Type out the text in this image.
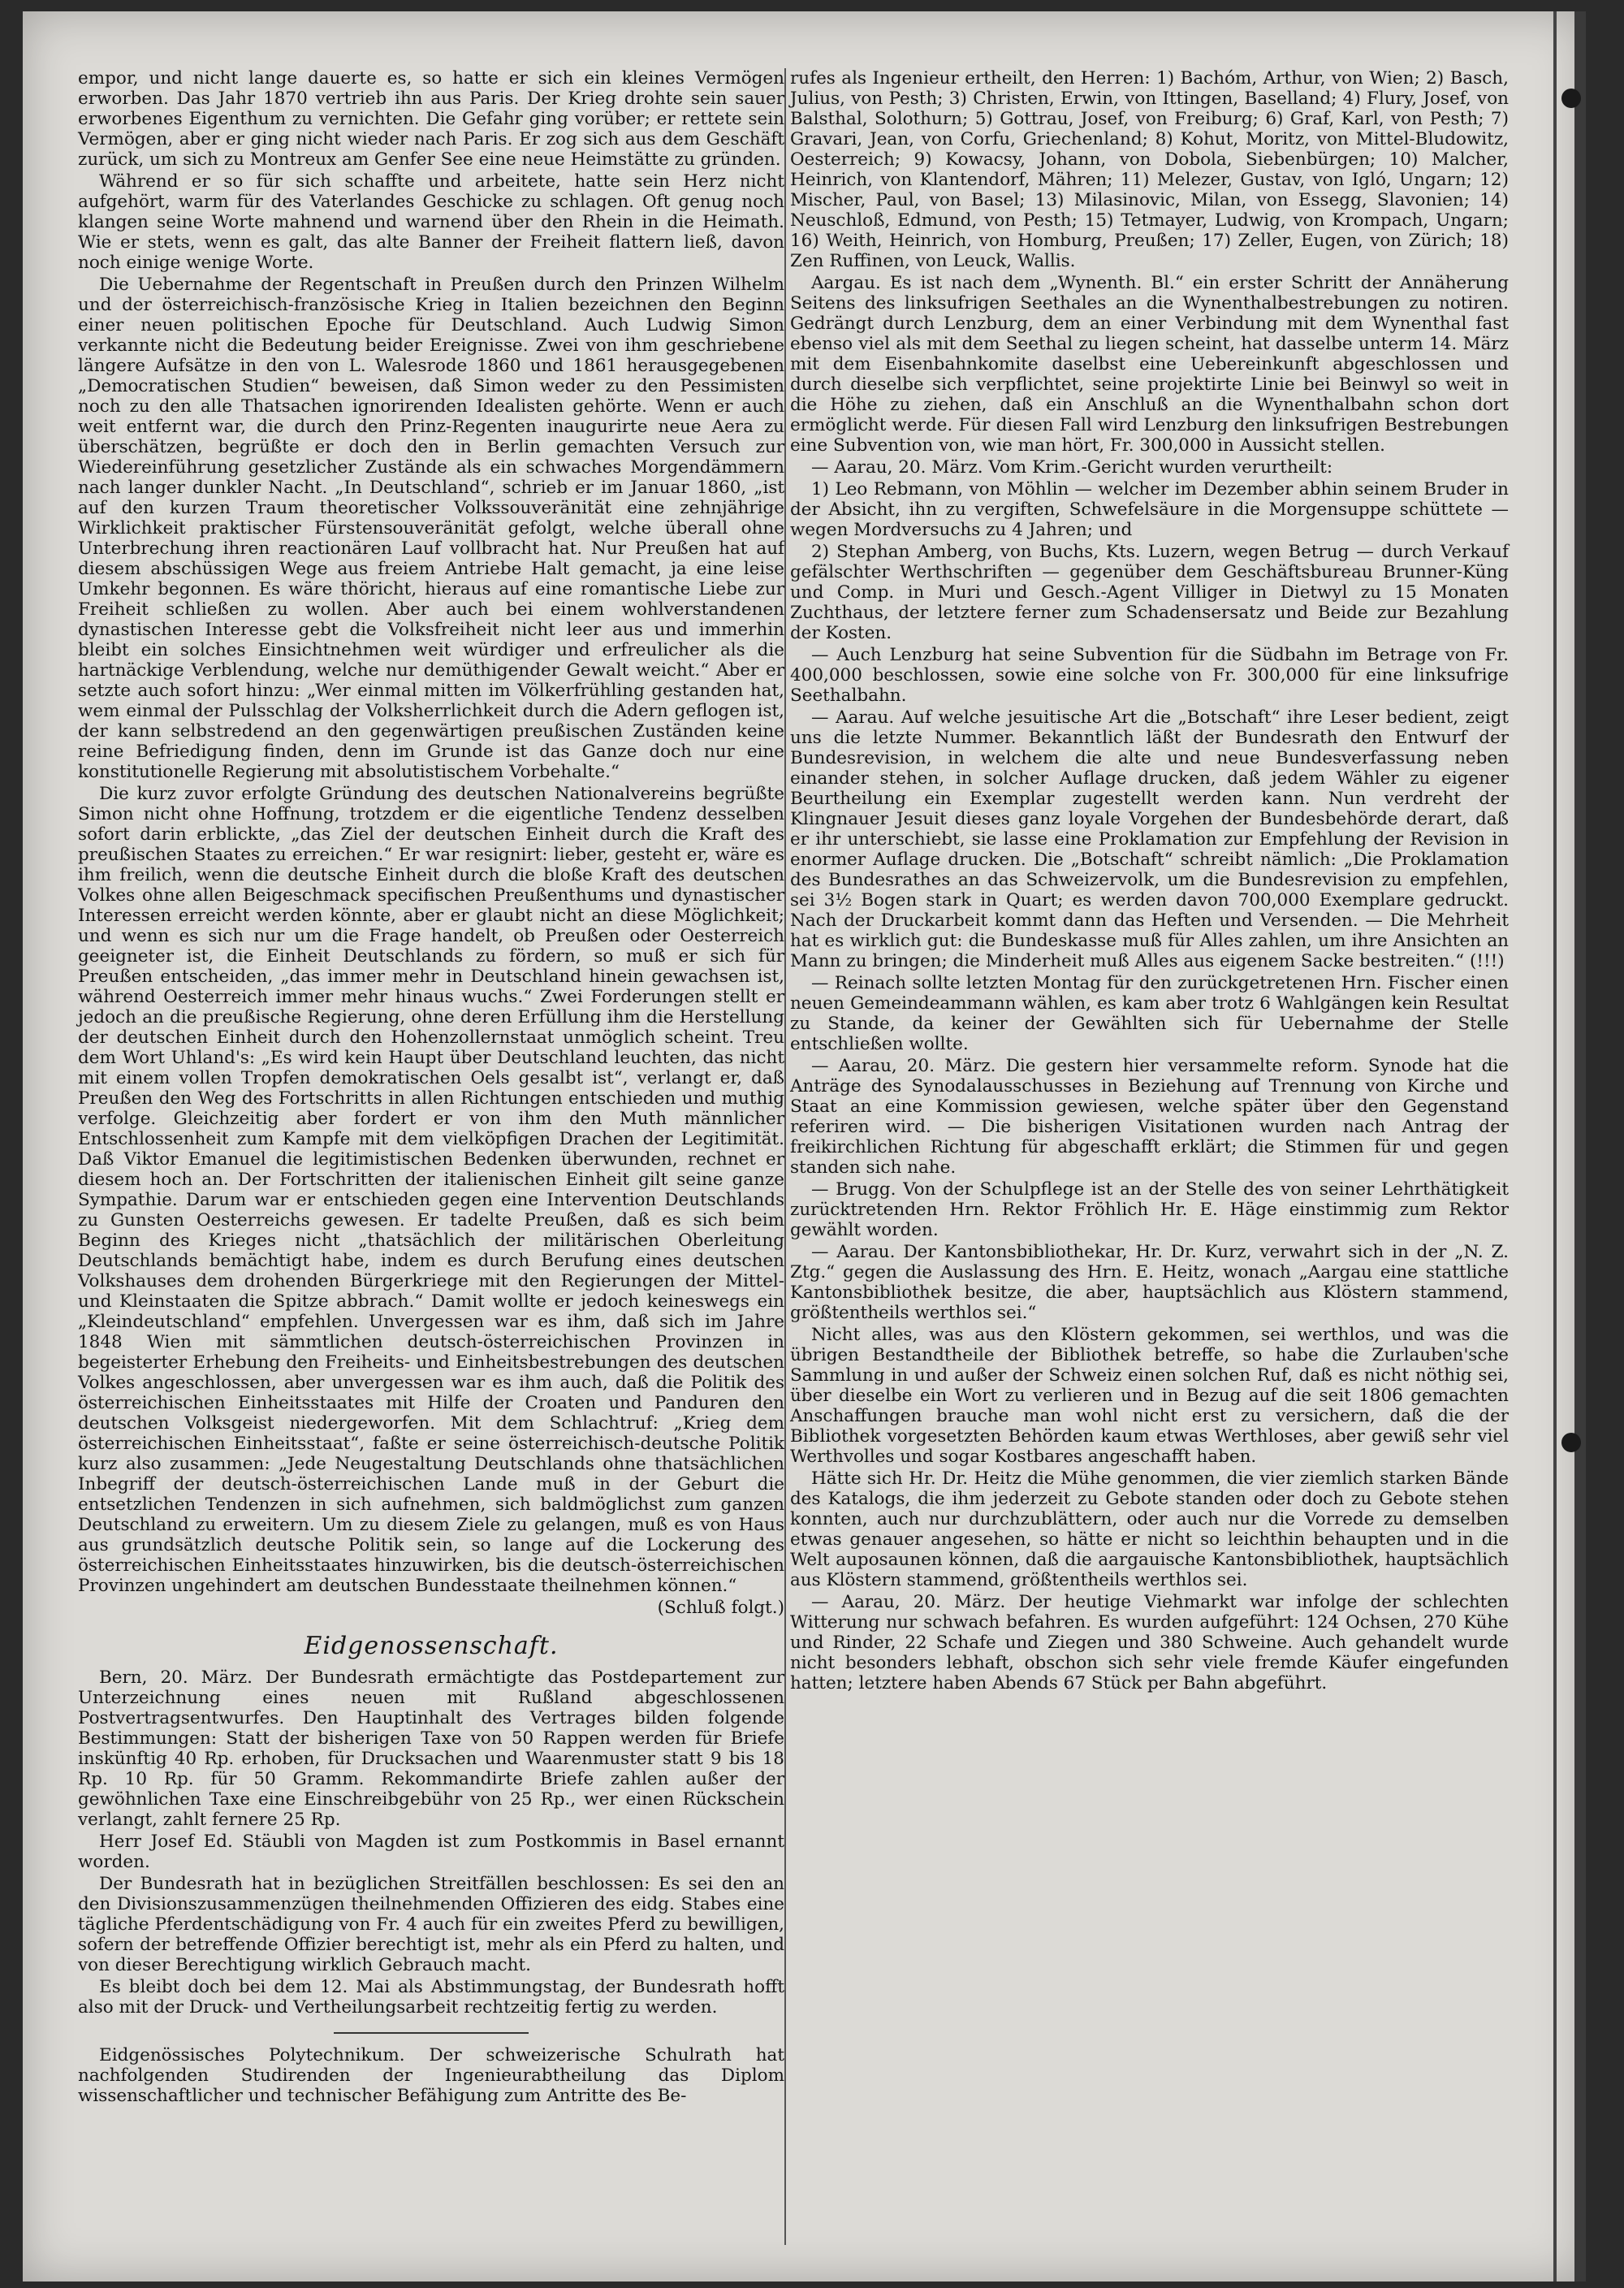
empor, und nicht lange dauerte es, so hatte er sich ein kleines Vermögen erworben. Das Jahr 1870 vertrieb ihn aus Paris. Der Krieg drohte sein sauer erworbenes Eigenthum zu vernichten. Die Gefahr ging vorüber; er rettete sein Vermögen, aber er ging nicht wieder nach Paris. Er zog sich aus dem Geschäft zurück, um sich zu Montreux am Genfer See eine neue Heimstätte zu gründen.

Während er so für sich schaffte und arbeitete, hatte sein Herz nicht aufgehört, warm für des Vaterlandes Geschicke zu schlagen. Oft genug noch klangen seine Worte mahnend und warnend über den Rhein in die Heimath. Wie er stets, wenn es galt, das alte Banner der Freiheit flattern ließ, davon noch einige wenige Worte.

Die Uebernahme der Regentschaft in Preußen durch den Prinzen Wilhelm und der österreichisch-französische Krieg in Italien bezeichnen den Beginn einer neuen politischen Epoche für Deutschland. Auch Ludwig Simon verkannte nicht die Bedeutung beider Ereignisse. Zwei von ihm geschriebene längere Aufsätze in den von L. Walesrode 1860 und 1861 herausgegebenen „Democratischen Studien“ beweisen, daß Simon weder zu den Pessimisten noch zu den alle Thatsachen ignorirenden Idealisten gehörte. Wenn er auch weit entfernt war, die durch den Prinz-Regenten inaugurirte neue Aera zu überschätzen, begrüßte er doch den in Berlin gemachten Versuch zur Wiedereinführung gesetzlicher Zustände als ein schwaches Morgendämmern nach langer dunkler Nacht. „In Deutschland“, schrieb er im Januar 1860, „ist auf den kurzen Traum theoretischer Volkssouveränität eine zehnjährige Wirklichkeit praktischer Fürstensouveränität gefolgt, welche überall ohne Unterbrechung ihren reactionären Lauf vollbracht hat. Nur Preußen hat auf diesem abschüssigen Wege aus freiem Antriebe Halt gemacht, ja eine leise Umkehr begonnen. Es wäre thöricht, hieraus auf eine romantische Liebe zur Freiheit schließen zu wollen. Aber auch bei einem wohlverstandenen dynastischen Interesse gebt die Volksfreiheit nicht leer aus und immerhin bleibt ein solches Einsichtnehmen weit würdiger und erfreulicher als die hartnäckige Verblendung, welche nur demüthigender Gewalt weicht.“ Aber er setzte auch sofort hinzu: „Wer einmal mitten im Völkerfrühling gestanden hat, wem einmal der Pulsschlag der Volksherrlichkeit durch die Adern geflogen ist, der kann selbstredend an den gegenwärtigen preußischen Zuständen keine reine Befriedigung finden, denn im Grunde ist das Ganze doch nur eine konstitutionelle Regierung mit absolutistischem Vorbehalte.“

Die kurz zuvor erfolgte Gründung des deutschen Nationalvereins begrüßte Simon nicht ohne Hoffnung, trotzdem er die eigentliche Tendenz desselben sofort darin erblickte, „das Ziel der deutschen Einheit durch die Kraft des preußischen Staates zu erreichen.“ Er war resignirt: lieber, gesteht er, wäre es ihm freilich, wenn die deutsche Einheit durch die bloße Kraft des deutschen Volkes ohne allen Beigeschmack specifischen Preußenthums und dynastischer Interessen erreicht werden könnte, aber er glaubt nicht an diese Möglichkeit; und wenn es sich nur um die Frage handelt, ob Preußen oder Oesterreich geeigneter ist, die Einheit Deutschlands zu fördern, so muß er sich für Preußen entscheiden, „das immer mehr in Deutschland hinein gewachsen ist, während Oesterreich immer mehr hinaus wuchs.“ Zwei Forderungen stellt er jedoch an die preußische Regierung, ohne deren Erfüllung ihm die Herstellung der deutschen Einheit durch den Hohenzollernstaat unmöglich scheint. Treu dem Wort Uhland's: „Es wird kein Haupt über Deutschland leuchten, das nicht mit einem vollen Tropfen demokratischen Oels gesalbt ist“, verlangt er, daß Preußen den Weg des Fortschritts in allen Richtungen entschieden und muthig verfolge. Gleichzeitig aber fordert er von ihm den Muth männlicher Entschlossenheit zum Kampfe mit dem vielköpfigen Drachen der Legitimität. Daß Viktor Emanuel die legitimistischen Bedenken überwunden, rechnet er diesem hoch an. Der Fortschritten der italienischen Einheit gilt seine ganze Sympathie. Darum war er entschieden gegen eine Intervention Deutschlands zu Gunsten Oesterreichs gewesen. Er tadelte Preußen, daß es sich beim Beginn des Krieges nicht „thatsächlich der militärischen Oberleitung Deutschlands bemächtigt habe, indem es durch Berufung eines deutschen Volkshauses dem drohenden Bürgerkriege mit den Regierungen der Mittel- und Kleinstaaten die Spitze abbrach.“ Damit wollte er jedoch keineswegs ein „Kleindeutschland“ empfehlen. Unvergessen war es ihm, daß sich im Jahre 1848 Wien mit sämmtlichen deutsch-österreichischen Provinzen in begeisterter Erhebung den Freiheits- und Einheitsbestrebungen des deutschen Volkes angeschlossen, aber unvergessen war es ihm auch, daß die Politik des österreichischen Einheitsstaates mit Hilfe der Croaten und Panduren den deutschen Volksgeist niedergeworfen. Mit dem Schlachtruf: „Krieg dem österreichischen Einheitsstaat“, faßte er seine österreichisch-deutsche Politik kurz also zusammen: „Jede Neugestaltung Deutschlands ohne thatsächlichen Inbegriff der deutsch-österreichischen Lande muß in der Geburt die entsetzlichen Tendenzen in sich aufnehmen, sich baldmöglichst zum ganzen Deutschland zu erweitern. Um zu diesem Ziele zu gelangen, muß es von Haus aus grundsätzlich deutsche Politik sein, so lange auf die Lockerung des österreichischen Einheitsstaates hinzuwirken, bis die deutsch-österreichischen Provinzen ungehindert am deutschen Bundesstaate theilnehmen können.“

(Schluß folgt.)
Eidgenossenschaft.

Bern, 20. März. Der Bundesrath ermächtigte das Postdepartement zur Unterzeichnung eines neuen mit Rußland abgeschlossenen Postvertragsentwurfes. Den Hauptinhalt des Vertrages bilden folgende Bestimmungen: Statt der bisherigen Taxe von 50 Rappen werden für Briefe inskünftig 40 Rp. erhoben, für Drucksachen und Waarenmuster statt 9 bis 18 Rp. 10 Rp. für 50 Gramm. Rekommandirte Briefe zahlen außer der gewöhnlichen Taxe eine Einschreibgebühr von 25 Rp., wer einen Rückschein verlangt, zahlt fernere 25 Rp.

Herr Josef Ed. Stäubli von Magden ist zum Postkommis in Basel ernannt worden.

Der Bundesrath hat in bezüglichen Streitfällen beschlossen: Es sei den an den Divisionszusammenzügen theilnehmenden Offizieren des eidg. Stabes eine tägliche Pferdentschädigung von Fr. 4 auch für ein zweites Pferd zu bewilligen, sofern der betreffende Offizier berechtigt ist, mehr als ein Pferd zu halten, und von dieser Berechtigung wirklich Gebrauch macht.

Es bleibt doch bei dem 12. Mai als Abstimmungstag, der Bundesrath hofft also mit der Druck- und Vertheilungsarbeit rechtzeitig fertig zu werden.

Eidgenössisches Polytechnikum. Der schweizerische Schulrath hat nachfolgenden Studirenden der Ingenieurabtheilung das Diplom wissenschaftlicher und technischer Befähigung zum Antritte des Be-

rufes als Ingenieur ertheilt, den Herren: 1) Bachóm, Arthur, von Wien; 2) Basch, Julius, von Pesth; 3) Christen, Erwin, von Ittingen, Baselland; 4) Flury, Josef, von Balsthal, Solothurn; 5) Gottrau, Josef, von Freiburg; 6) Graf, Karl, von Pesth; 7) Gravari, Jean, von Corfu, Griechenland; 8) Kohut, Moritz, von Mittel-Bludowitz, Oesterreich; 9) Kowacsy, Johann, von Dobola, Siebenbürgen; 10) Malcher, Heinrich, von Klantendorf, Mähren; 11) Melezer, Gustav, von Igló, Ungarn; 12) Mischer, Paul, von Basel; 13) Milasinovic, Milan, von Essegg, Slavonien; 14) Neuschloß, Edmund, von Pesth; 15) Tetmayer, Ludwig, von Krompach, Ungarn; 16) Weith, Heinrich, von Homburg, Preußen; 17) Zeller, Eugen, von Zürich; 18) Zen Ruffinen, von Leuck, Wallis.

Aargau. Es ist nach dem „Wynenth. Bl.“ ein erster Schritt der Annäherung Seitens des linksufrigen Seethales an die Wynenthalbestrebungen zu notiren. Gedrängt durch Lenzburg, dem an einer Verbindung mit dem Wynenthal fast ebenso viel als mit dem Seethal zu liegen scheint, hat dasselbe unterm 14. März mit dem Eisenbahnkomite daselbst eine Uebereinkunft abgeschlossen und durch dieselbe sich verpflichtet, seine projektirte Linie bei Beinwyl so weit in die Höhe zu ziehen, daß ein Anschluß an die Wynenthalbahn schon dort ermöglicht werde. Für diesen Fall wird Lenzburg den linksufrigen Bestrebungen eine Subvention von, wie man hört, Fr. 300,000 in Aussicht stellen.

— Aarau, 20. März. Vom Krim.-Gericht wurden verurtheilt:

1) Leo Rebmann, von Möhlin — welcher im Dezember abhin seinem Bruder in der Absicht, ihn zu vergiften, Schwefelsäure in die Morgensuppe schüttete — wegen Mordversuchs zu 4 Jahren; und

2) Stephan Amberg, von Buchs, Kts. Luzern, wegen Betrug — durch Verkauf gefälschter Werthschriften — gegenüber dem Geschäftsbureau Brunner-Küng und Comp. in Muri und Gesch.-Agent Villiger in Dietwyl zu 15 Monaten Zuchthaus, der letztere ferner zum Schadensersatz und Beide zur Bezahlung der Kosten.

— Auch Lenzburg hat seine Subvention für die Südbahn im Betrage von Fr. 400,000 beschlossen, sowie eine solche von Fr. 300,000 für eine linksufrige Seethalbahn.

— Aarau. Auf welche jesuitische Art die „Botschaft“ ihre Leser bedient, zeigt uns die letzte Nummer. Bekanntlich läßt der Bundesrath den Entwurf der Bundesrevision, in welchem die alte und neue Bundesverfassung neben einander stehen, in solcher Auflage drucken, daß jedem Wähler zu eigener Beurtheilung ein Exemplar zugestellt werden kann. Nun verdreht der Klingnauer Jesuit dieses ganz loyale Vorgehen der Bundesbehörde derart, daß er ihr unterschiebt, sie lasse eine Proklamation zur Empfehlung der Revision in enormer Auflage drucken. Die „Botschaft“ schreibt nämlich: „Die Proklamation des Bundesrathes an das Schweizervolk, um die Bundesrevision zu empfehlen, sei 3½ Bogen stark in Quart; es werden davon 700,000 Exemplare gedruckt. Nach der Druckarbeit kommt dann das Heften und Versenden. — Die Mehrheit hat es wirklich gut: die Bundeskasse muß für Alles zahlen, um ihre Ansichten an Mann zu bringen; die Minderheit muß Alles aus eigenem Sacke bestreiten.“ (!!!)

— Reinach sollte letzten Montag für den zurückgetretenen Hrn. Fischer einen neuen Gemeindeammann wählen, es kam aber trotz 6 Wahlgängen kein Resultat zu Stande, da keiner der Gewählten sich für Uebernahme der Stelle entschließen wollte.

— Aarau, 20. März. Die gestern hier versammelte reform. Synode hat die Anträge des Synodalausschusses in Beziehung auf Trennung von Kirche und Staat an eine Kommission gewiesen, welche später über den Gegenstand referiren wird. — Die bisherigen Visitationen wurden nach Antrag der freikirchlichen Richtung für abgeschafft erklärt; die Stimmen für und gegen standen sich nahe.

— Brugg. Von der Schulpflege ist an der Stelle des von seiner Lehrthätigkeit zurücktretenden Hrn. Rektor Fröhlich Hr. E. Häge einstimmig zum Rektor gewählt worden.

— Aarau. Der Kantonsbibliothekar, Hr. Dr. Kurz, verwahrt sich in der „N. Z. Ztg.“ gegen die Auslassung des Hrn. E. Heitz, wonach „Aargau eine stattliche Kantonsbibliothek besitze, die aber, hauptsächlich aus Klöstern stammend, größtentheils werthlos sei.“

Nicht alles, was aus den Klöstern gekommen, sei werthlos, und was die übrigen Bestandtheile der Bibliothek betreffe, so habe die Zurlauben'sche Sammlung in und außer der Schweiz einen solchen Ruf, daß es nicht nöthig sei, über dieselbe ein Wort zu verlieren und in Bezug auf die seit 1806 gemachten Anschaffungen brauche man wohl nicht erst zu versichern, daß die der Bibliothek vorgesetzten Behörden kaum etwas Werthloses, aber gewiß sehr viel Werthvolles und sogar Kostbares angeschafft haben.

Hätte sich Hr. Dr. Heitz die Mühe genommen, die vier ziemlich starken Bände des Katalogs, die ihm jederzeit zu Gebote standen oder doch zu Gebote stehen konnten, auch nur durchzublättern, oder auch nur die Vorrede zu demselben etwas genauer angesehen, so hätte er nicht so leichthin behaupten und in die Welt auposaunen können, daß die aargauische Kantonsbibliothek, hauptsächlich aus Klöstern stammend, größtentheils werthlos sei.

— Aarau, 20. März. Der heutige Viehmarkt war infolge der schlechten Witterung nur schwach befahren. Es wurden aufgeführt: 124 Ochsen, 270 Kühe und Rinder, 22 Schafe und Ziegen und 380 Schweine. Auch gehandelt wurde nicht besonders lebhaft, obschon sich sehr viele fremde Käufer eingefunden hatten; letztere haben Abends 67 Stück per Bahn abgeführt.
